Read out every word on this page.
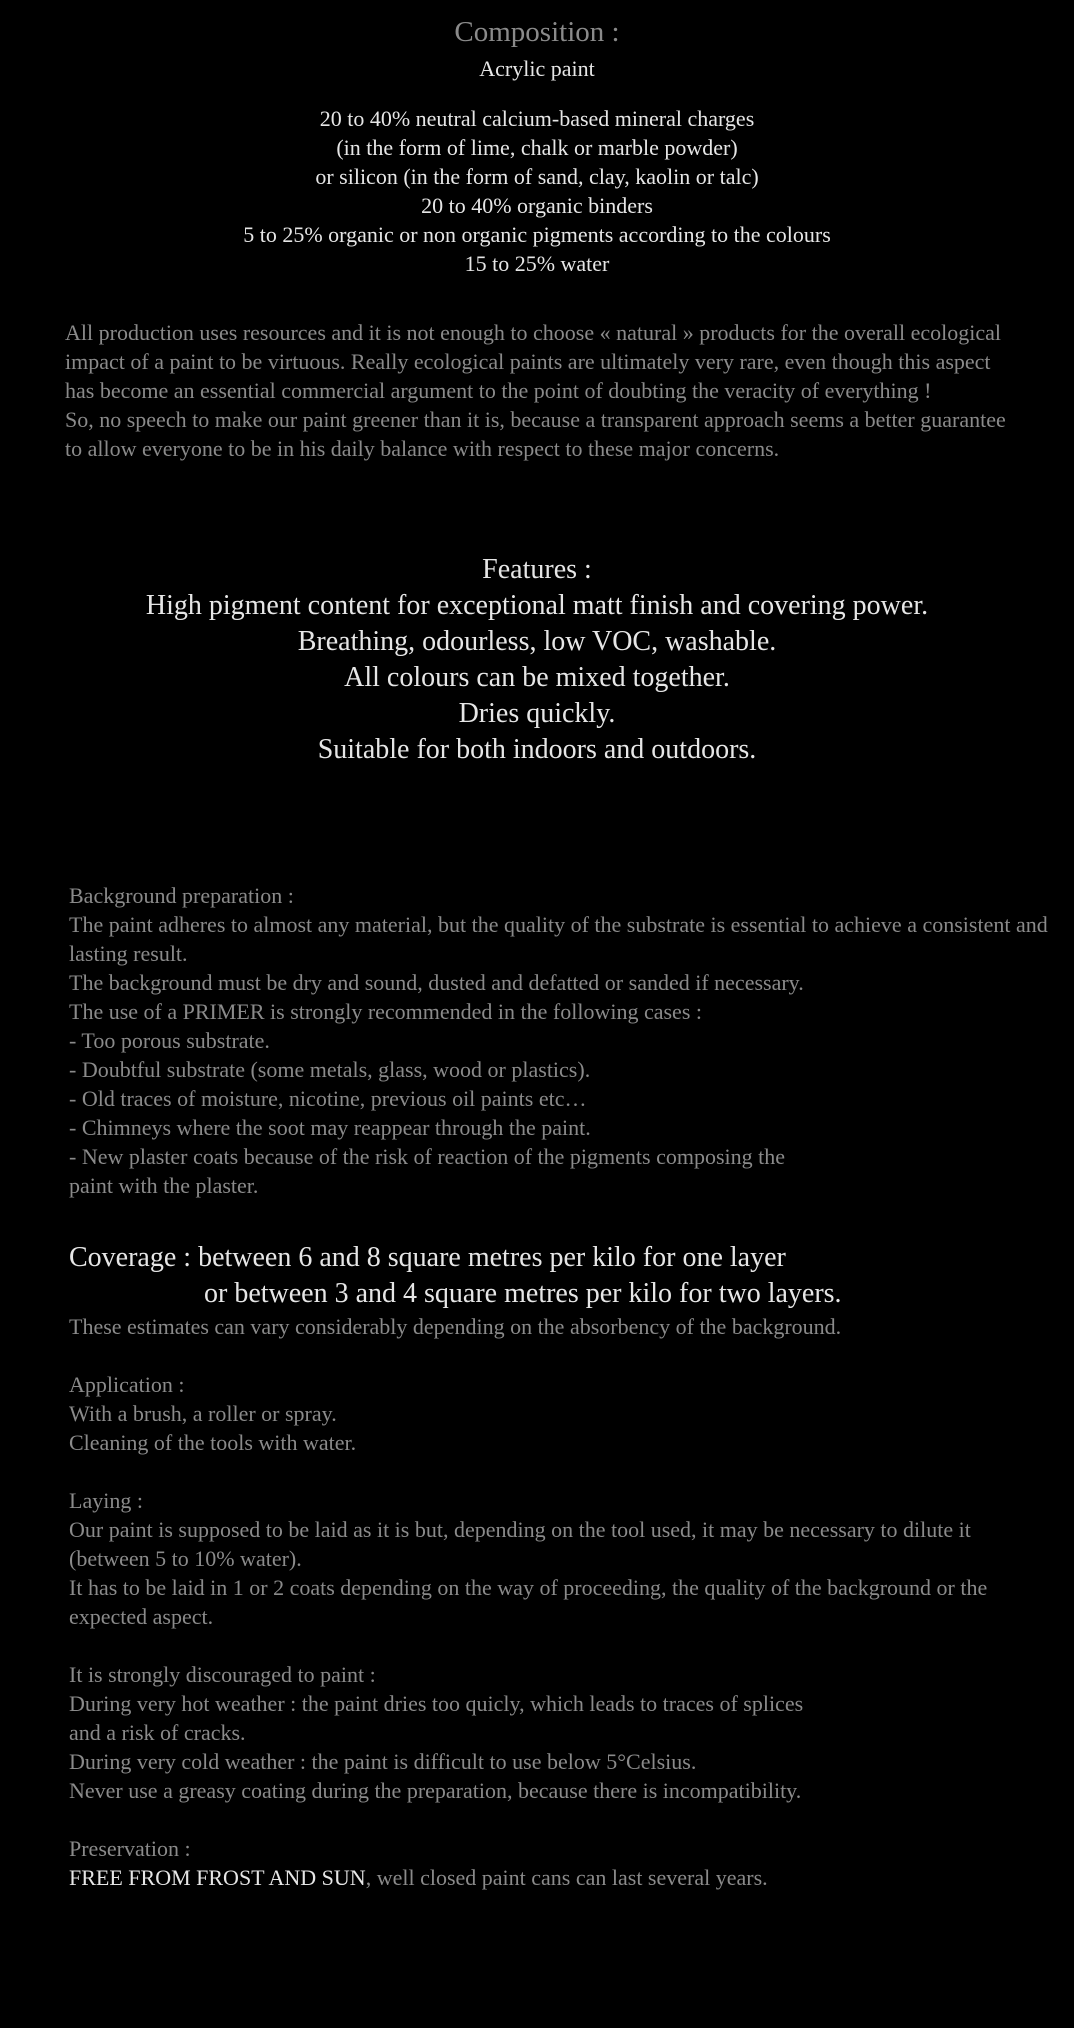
Composition :
Acrylic paint
20 to 40% neutral calcium-based mineral charges
(in the form of lime, chalk or marble powder)
or silicon (in the form of sand, clay, kaolin or talc)
20 to 40% organic binders
5 to 25% organic or non organic pigments according to the colours
15 to 25% water

All production uses resources and it is not enough to choose « natural » products for the overall ecological impact of a paint to be virtuous. Really ecological paints are ultimately very rare, even though this aspect has become an essential commercial argument to the point of doubting the veracity of everything !

So, no speech to make our paint greener than it is, because a transparent approach seems a better guarantee to allow everyone to be in his daily balance with respect to these major concerns.

Features :
High pigment content for exceptional matt finish and covering power.
Breathing, odourless, low VOC, washable.
All colours can be mixed together.
Dries quickly.
Suitable for both indoors and outdoors.

Background preparation :

The paint adheres to almost any material, but the quality of the substrate is essential to achieve a consistent and lasting result.

The background must be dry and sound, dusted and defatted or sanded if necessary.

The use of a PRIMER is strongly recommended in the following cases :

- Too porous substrate.

- Doubtful substrate (some metals, glass, wood or plastics).

- Old traces of moisture, nicotine, previous oil paints etc…

- Chimneys where the soot may reappear through the paint.

- New plaster coats because of the risk of reaction of the pigments composing the

paint with the plaster.

Coverage : between 6 and 8 square metres per kilo for one layer
or between 3 and 4 square metres per kilo for two layers.

These estimates can vary considerably depending on the absorbency of the background.

Application :

With a brush, a roller or spray.

Cleaning of the tools with water.

Laying :

Our paint is supposed to be laid as it is but, depending on the tool used, it may be necessary to dilute it (between 5 to 10% water).

It has to be laid in 1 or 2 coats depending on the way of proceeding, the quality of the background or the expected aspect.

It is strongly discouraged to paint :

During very hot weather : the paint dries too quicly, which leads to traces of splices

and a risk of cracks.

During very cold weather : the paint is difficult to use below 5°Celsius.

Never use a greasy coating during the preparation, because there is incompatibility.

Preservation :

FREE FROM FROST AND SUN, well closed paint cans can last several years.
